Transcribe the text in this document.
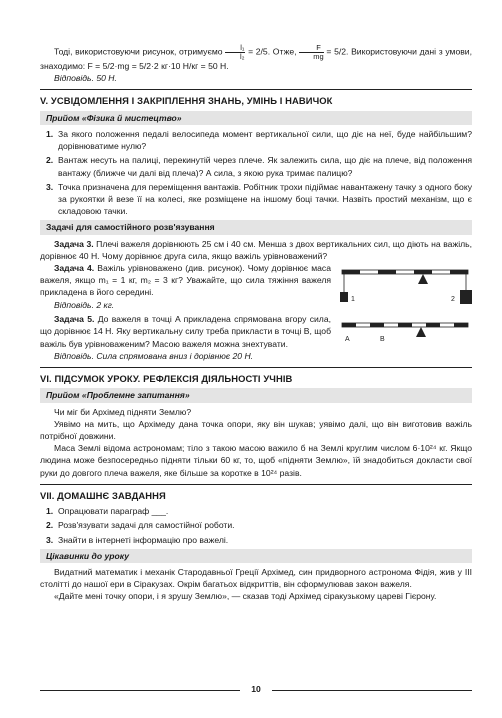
Тоді, використовуючи рисунок, отримуємо $\frac{\text{l₁}}{\text{l₂}} = 2/5$. Отже, $\frac{F}{mg} = 5/2$. Використовуючи дані з умови, знаходимо: F = 5/2·mg = 5/2·2 кг·10 Н/кг = 50 Н.

Відповідь. 50 Н.

V. УСВІДОМЛЕННЯ І ЗАКРІПЛЕННЯ ЗНАНЬ, УМІНЬ І НАВИЧОК
Прийом «Фізика й мистецтво»
1. За якого положення педалі велосипеда момент вертикальної сили, що діє на неї, буде найбільшим? дорівнюватиме нулю?
2. Вантаж несуть на палиці, перекинутій через плече. Як залежить сила, що діє на плече, від положення вантажу (ближче чи далі від плеча)? А сила, з якою рука тримає палицю?
3. Точка призначена для переміщення вантажів. Робітник трохи підіймає навантажену тачку з одного боку за рукоятки й везе її на колесі, яке розміщене на іншому боці тачки. Назвіть простий механізм, що є складовою тачки.
Задачі для самостійного розв'язування

Задача 3. Плечі важеля дорівнюють 25 см і 40 см. Менша з двох вертикальних сил, що діють на важіль, дорівнює 40 Н. Чому дорівнює друга сила, якщо важіль урівноважений?

Задача 4. Важіль урівноважено (див. рисунок). Чому дорівнює маса важеля, якщо m₁ = 1 кг, m₂ = 3 кг? Уважайте, що сила тяжіння важеля прикладена в його середині.

Відповідь. 2 кг.

1	2

Задача 5. До важеля в точці A прикладена спрямована вгору сила, що дорівнює 14 Н. Яку вертикальну силу треба прикласти в точці B, щоб важіль був урівноваженим? Масою важеля можна знехтувати.

Відповідь. Сила спрямована вниз і дорівнює 20 Н.

A	B
VI. ПІДСУМОК УРОКУ. РЕФЛЕКСІЯ ДІЯЛЬНОСТІ УЧНІВ
Прийом «Проблемне запитання»

Чи міг би Архімед підняти Землю?

Уявімо на мить, що Архімеду дана точка опори, яку він шукав; уявімо далі, що він виготовив важіль потрібної довжини.

Маса Землі відома астрономам; тіло з такою масою важило б на Землі круглим числом 6·10²⁴ кг. Якщо людина може безпосередньо підняти тільки 60 кг, то, щоб «підняти Землю», їй знадобиться докласти свої руки до довгого плеча важеля, яке більше за коротке в 10²⁴ разів.

VII. ДОМАШНЄ ЗАВДАННЯ
1. Опрацювати параграф ___.
2. Розв'язувати задачі для самостійної роботи.
3. Знайти в інтернеті інформацію про важелі.
Цікавинки до уроку

Видатний математик і механік Стародавньої Греції Архімед, син придворного астронома Фідія, жив у III столітті до нашої ери в Сіракузах. Окрім багатьох відкриттів, він сформулював закон важеля.

«Дайте мені точку опори, і я зрушу Землю», — сказав тоді Архімед сіракузькому цареві Гієрону.

10
